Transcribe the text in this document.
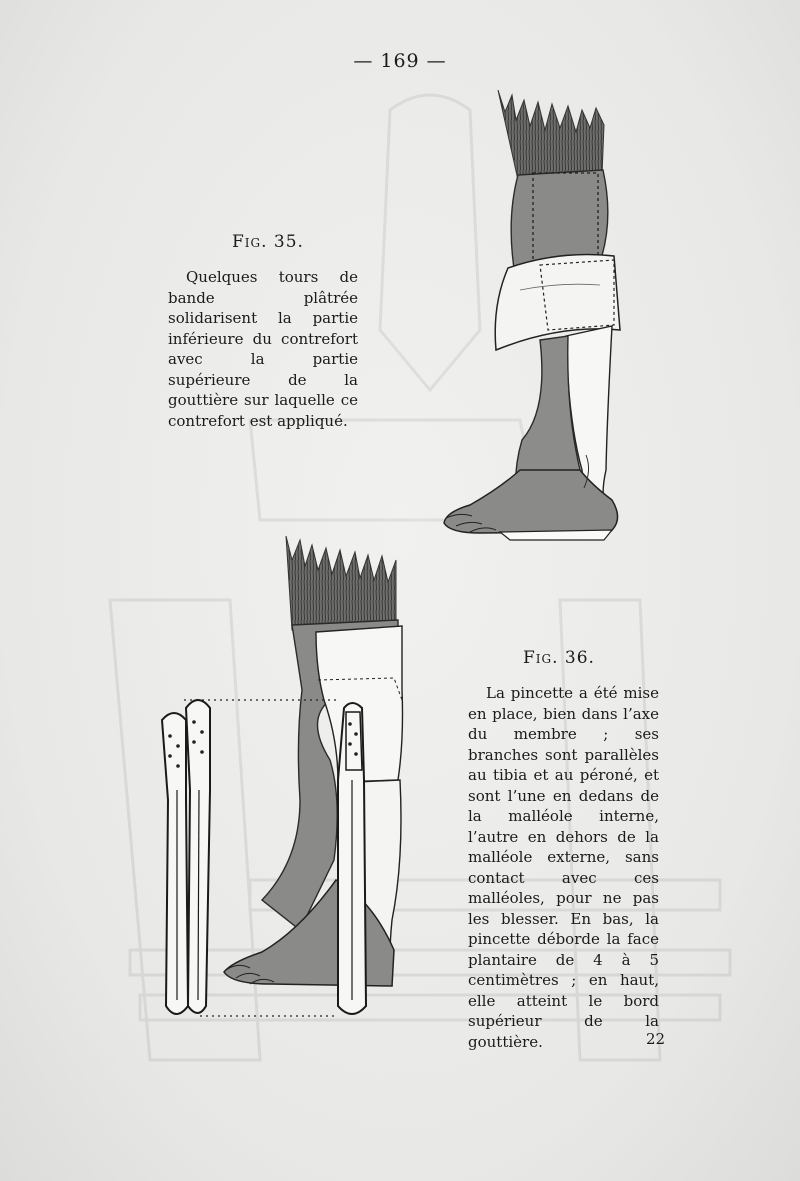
— 169 —
Fig. 35.

Quelques tours de bande plâtrée solidarisent la partie inférieure du contrefort avec la partie supérieure de la gouttière sur laquelle ce contrefort est appliqué.

Fig. 36.

La pincette a été mise en place, bien dans l’axe du membre ; ses branches sont parallèles au tibia et au péroné, et sont l’une en dedans de la malléole interne, l’autre en dehors de la malléole externe, sans contact avec ces malléoles, pour ne pas les blesser. En bas, la pincette déborde la face plantaire de 4 à 5 centimètres ; en haut, elle atteint le bord supérieur de la gouttière.	22
